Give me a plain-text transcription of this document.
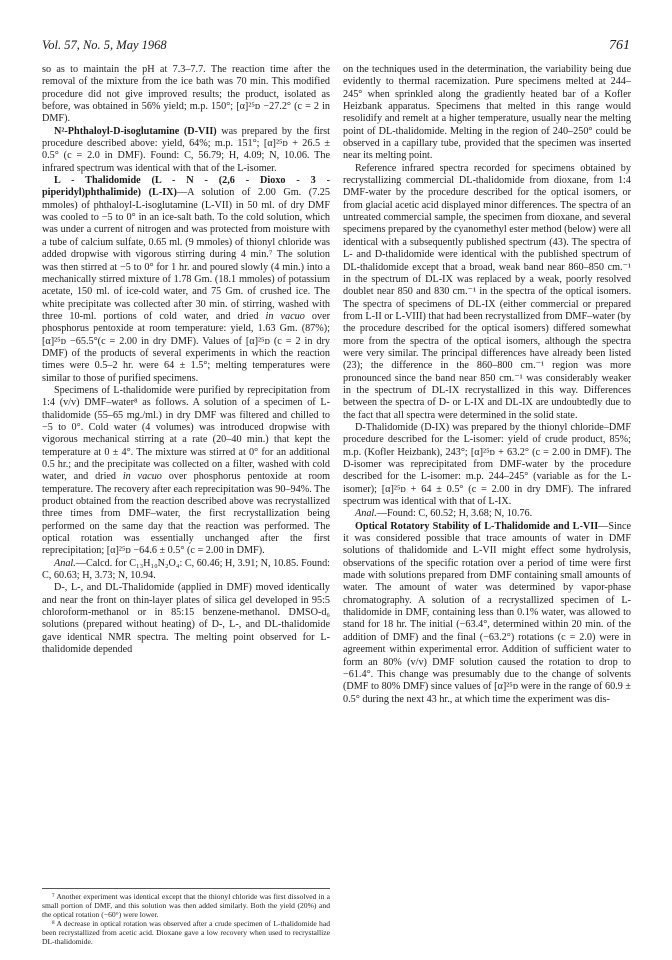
Vol. 57, No. 5, May 1968	761

so as to maintain the pH at 7.3–7.7. The reaction time after the removal of the mixture from the ice bath was 70 min. This modified procedure did not give improved results; the product, isolated as before, was obtained in 56% yield; m.p. 150°; [α]²⁵ᴅ −27.2° (c = 2 in DMF).

N²-Phthaloyl-D-isoglutamine (D-VII) was prepared by the first procedure described above: yield, 64%; m.p. 151°; [α]²⁵ᴅ + 26.5 ± 0.5° (c = 2.0 in DMF). Found: C, 56.79; H, 4.09; N, 10.06. The infrared spectrum was identical with that of the L-isomer.

L - Thalidomide (L - N - (2,6 - Dioxo - 3 - piperidyl)phthalimide) (L-IX)—A solution of 2.00 Gm. (7.25 mmoles) of phthaloyl-L-isoglutamine (L-VII) in 50 ml. of dry DMF was cooled to −5 to 0° in an ice-salt bath. To the cold solution, which was under a current of nitrogen and was protected from moisture with a tube of calcium sulfate, 0.65 ml. (9 mmoles) of thionyl chloride was added dropwise with vigorous stirring during 4 min.⁷ The solution was then stirred at −5 to 0° for 1 hr. and poured slowly (4 min.) into a mechanically stirred mixture of 1.78 Gm. (18.1 mmoles) of potassium acetate, 150 ml. of ice-cold water, and 75 Gm. of crushed ice. The white precipitate was collected after 30 min. of stirring, washed with three 10-ml. portions of cold water, and dried in vacuo over phosphorus pentoxide at room temperature: yield, 1.63 Gm. (87%); [α]²⁵ᴅ −65.5°(c = 2.00 in dry DMF). Values of [α]²⁵ᴅ (c = 2 in dry DMF) of the products of several experiments in which the reaction times were 0.5–2 hr. were 64 ± 1.5°; melting temperatures were similar to those of purified specimens.

Specimens of L-thalidomide were purified by reprecipitation from 1:4 (v/v) DMF–water⁸ as follows. A solution of a specimen of L-thalidomide (55–65 mg./ml.) in dry DMF was filtered and chilled to −5 to 0°. Cold water (4 volumes) was introduced dropwise with vigorous mechanical stirring at a rate (20–40 min.) that kept the temperature at 0 ± 4°. The mixture was stirred at 0° for an additional 0.5 hr.; and the precipitate was collected on a filter, washed with cold water, and dried in vacuo over phosphorus pentoxide at room temperature. The recovery after each reprecipitation was 90–94%. The product obtained from the reaction described above was recrystallized three times from DMF–water, the first recrystallization being performed on the same day that the reaction was performed. The optical rotation was essentially unchanged after the first reprecipitation; [α]²⁵ᴅ −64.6 ± 0.5° (c = 2.00 in DMF).

Anal.—Calcd. for C₁₃H₁₀N₂O₄: C, 60.46; H, 3.91; N, 10.85. Found: C, 60.63; H, 3.73; N, 10.94.

D-, L-, and DL-Thalidomide (applied in DMF) moved identically and near the front on thin-layer plates of silica gel developed in 95:5 chloroform-methanol or in 85:15 benzene-methanol. DMSO-d₆ solutions (prepared without heating) of D-, L-, and DL-thalidomide gave identical NMR spectra. The melting point observed for L-thalidomide depended

⁷ Another experiment was identical except that the thionyl chloride was first dissolved in a small portion of DMF, and this solution was then added similarly. Both the yield (20%) and the optical rotation (−60°) were lower.

⁸ A decrease in optical rotation was observed after a crude specimen of L-thalidomide had been recrystallized from acetic acid. Dioxane gave a low recovery when used to recrystallize DL-thalidomide.

on the techniques used in the determination, the variability being due evidently to thermal racemization. Pure specimens melted at 244–245° when sprinkled along the gradiently heated bar of a Kofler Heizbank apparatus. Specimens that melted in this range would resolidify and remelt at a higher temperature, usually near the melting point of DL-thalidomide. Melting in the region of 240–250° could be observed in a capillary tube, provided that the specimen was inserted near its melting point.

Reference infrared spectra recorded for specimens obtained by recrystallizing commercial DL-thalidomide from dioxane, from 1:4 DMF-water by the procedure described for the optical isomers, or from glacial acetic acid displayed minor differences. The spectra of an untreated commercial sample, the specimen from dioxane, and several specimens prepared by the cyanomethyl ester method (below) were all identical with a subsequently published spectrum (43). The spectra of L- and D-thalidomide were identical with the published spectrum of DL-thalidomide except that a broad, weak band near 860–850 cm.⁻¹ in the spectrum of DL-IX was replaced by a weak, poorly resolved doublet near 850 and 830 cm.⁻¹ in the spectra of the optical isomers. The spectra of specimens of DL-IX (either commercial or prepared from L-II or L-VIII) that had been recrystallized from DMF–water (by the procedure described for the optical isomers) differed somewhat more from the spectra of the optical isomers, although the spectra were very similar. The principal differences have already been listed (23); the difference in the 860–800 cm.⁻¹ region was more pronounced since the band near 850 cm.⁻¹ was considerably weaker in the spectrum of DL-IX recrystallized in this way. Differences between the spectra of D- or L-IX and DL-IX are undoubtedly due to the fact that all spectra were determined in the solid state.

D-Thalidomide (D-IX) was prepared by the thionyl chloride–DMF procedure described for the L-isomer: yield of crude product, 85%; m.p. (Kofler Heizbank), 243°; [α]²⁵ᴅ + 63.2° (c = 2.00 in DMF). The D-isomer was reprecipitated from DMF-water by the procedure described for the L-isomer: m.p. 244–245° (variable as for the L-isomer); [α]²⁵ᴅ + 64 ± 0.5° (c = 2.00 in dry DMF). The infrared spectrum was identical with that of L-IX.

Anal.—Found: C, 60.52; H, 3.68; N, 10.76.

Optical Rotatory Stability of L-Thalidomide and L-VII—Since it was considered possible that trace amounts of water in DMF solutions of thalidomide and L-VII might effect some hydrolysis, observations of the specific rotation over a period of time were first made with solutions prepared from DMF containing small amounts of water. The amount of water was determined by vapor-phase chromatography. A solution of a recrystallized specimen of L-thalidomide in DMF, containing less than 0.1% water, was allowed to stand for 18 hr. The initial (−63.4°, determined within 20 min. of the addition of DMF) and the final (−63.2°) rotations (c = 2.0) were in agreement within experimental error. Addition of sufficient water to form an 80% (v/v) DMF solution caused the rotation to drop to −61.4°. This change was presumably due to the change of solvents (DMF to 80% DMF) since values of [α]²⁵ᴅ were in the range of 60.9 ± 0.5° during the next 43 hr., at which time the experiment was dis-
